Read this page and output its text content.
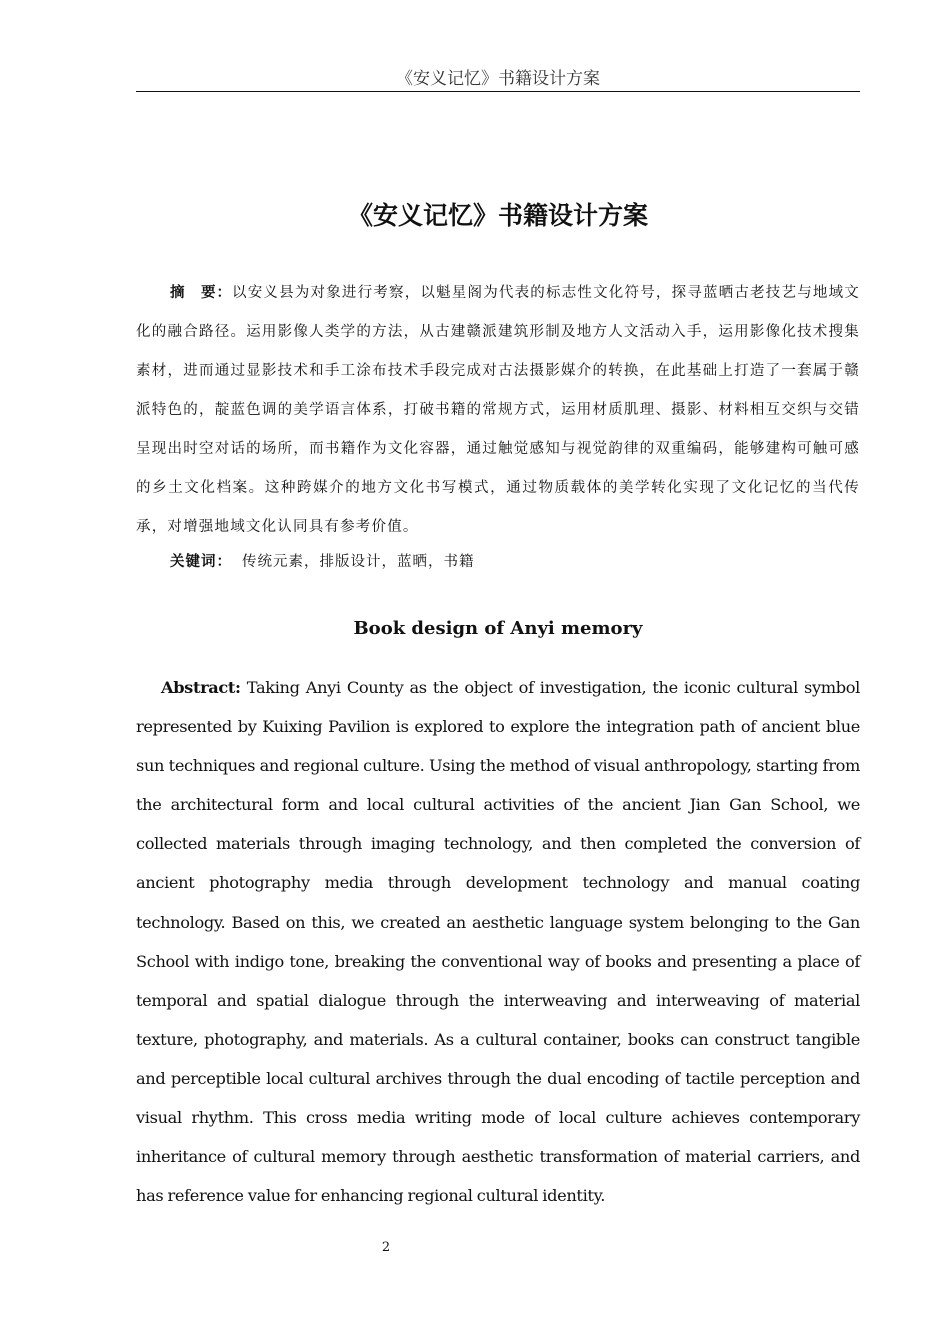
《安义记忆》书籍设计方案
《安义记忆》书籍设计方案

摘　要：以安义县为对象进行考察，以魁星阁为代表的标志性文化符号，探寻蓝晒古老技艺与地域文化的融合路径。运用影像人类学的方法，从古建赣派建筑形制及地方人文活动入手，运用影像化技术搜集素材，进而通过显影技术和手工涂布技术手段完成对古法摄影媒介的转换，在此基础上打造了一套属于赣派特色的，靛蓝色调的美学语言体系，打破书籍的常规方式，运用材质肌理、摄影、材料相互交织与交错呈现出时空对话的场所，而书籍作为文化容器，通过触觉感知与视觉韵律的双重编码，能够建构可触可感的乡土文化档案。这种跨媒介的地方文化书写模式，通过物质载体的美学转化实现了文化记忆的当代传承，对增强地域文化认同具有参考价值。

关键词： 传统元素，排版设计，蓝晒，书籍
Book design of Anyi memory

Abstract: Taking Anyi County as the object of investigation, the iconic cultural symbol represented by Kuixing Pavilion is explored to explore the integration path of ancient blue sun techniques and regional culture. Using the method of visual anthropology, starting from the architectural form and local cultural activities of the ancient Jian Gan School, we collected materials through imaging technology, and then completed the conversion of ancient photography media through development technology and manual coating technology. Based on this, we created an aesthetic language system belonging to the Gan School with indigo tone, breaking the conventional way of books and presenting a place of temporal and spatial dialogue through the interweaving and interweaving of material texture, photography, and materials. As a cultural container, books can construct tangible and perceptible local cultural archives through the dual encoding of tactile perception and visual rhythm. This cross media writing mode of local culture achieves contemporary inheritance of cultural memory through aesthetic transformation of material carriers, and has reference value for enhancing regional cultural identity.

2
